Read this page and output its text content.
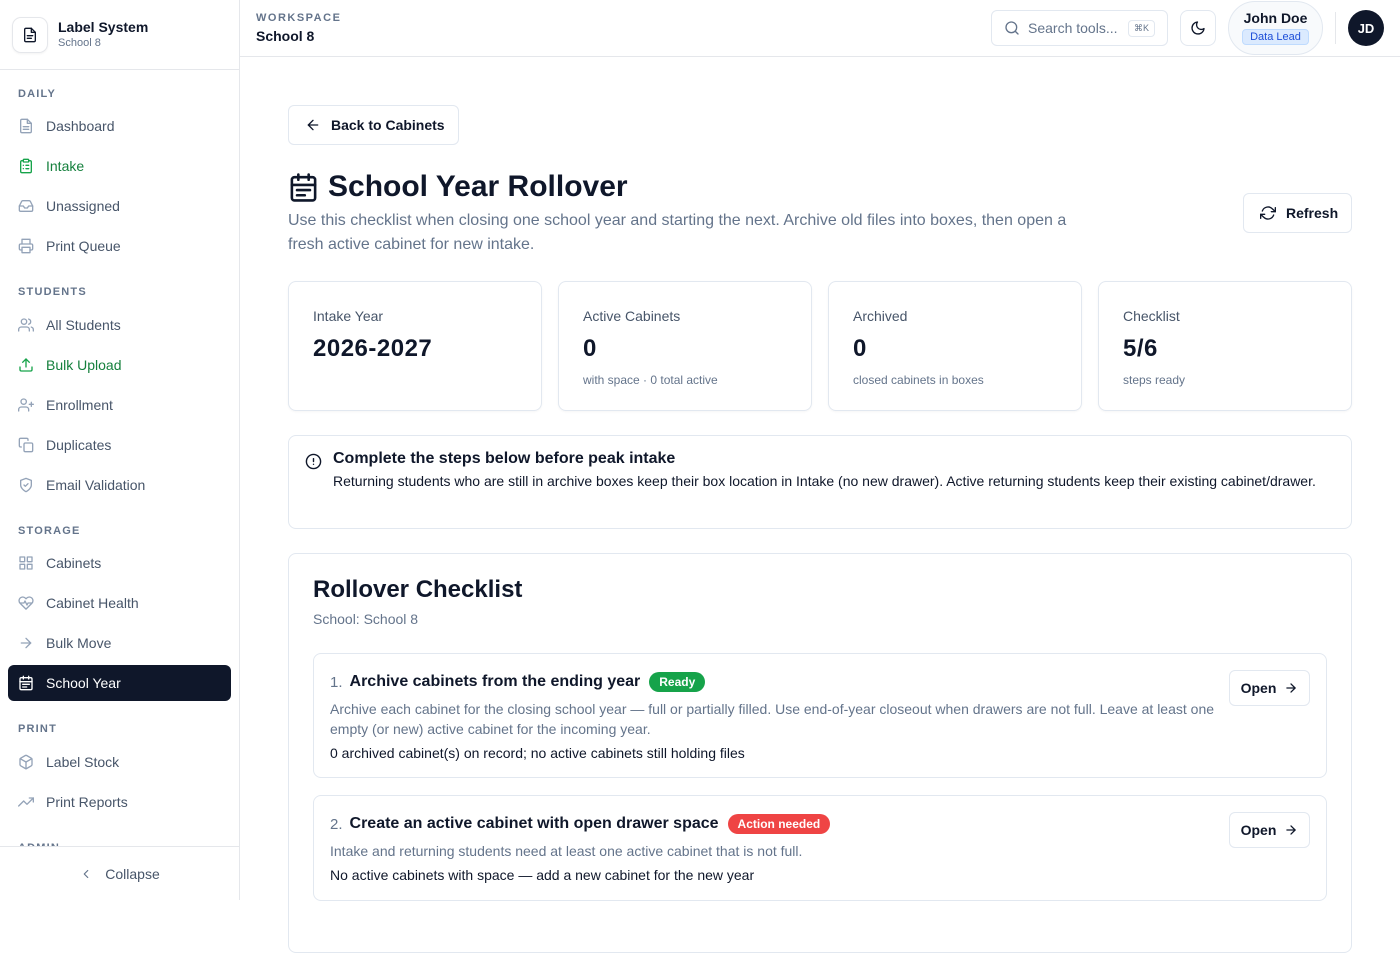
Label System
School 8
DAILY
Dashboard
Intake
Unassigned
Print Queue
STUDENTS
All Students
Bulk Upload
Enrollment
Duplicates
Email Validation
STORAGE
Cabinets
Cabinet Health
Bulk Move
School Year
PRINT
Label Stock
Print Reports
Collapse
WORKSPACE
School 8	Search tools...	⌘K
John Doe
Data Lead
JD
Back to Cabinets
School Year Rollover

Use this checklist when closing one school year and starting the next. Archive old files into boxes, then open a fresh active cabinet for new intake.

Refresh
Intake Year
2026-2027
Active Cabinets
0
with space · 0 total active
Archived
0
closed cabinets in boxes
Checklist
5/6
steps ready
Complete the steps below before peak intake
Returning students who are still in archive boxes keep their box location in Intake (no new drawer). Active returning students keep their existing cabinet/drawer.
Rollover Checklist
School: School 8
1. Archive cabinets from the ending year	Ready
Archive each cabinet for the closing school year — full or partially filled. Use end-of-year closeout when drawers are not full. Leave at least one empty (or new) active cabinet for the incoming year.
0 archived cabinet(s) on record; no active cabinets still holding files
Open
2. Create an active cabinet with open drawer space	Action needed
Intake and returning students need at least one active cabinet that is not full.
No active cabinets with space — add a new cabinet for the new year
Open
